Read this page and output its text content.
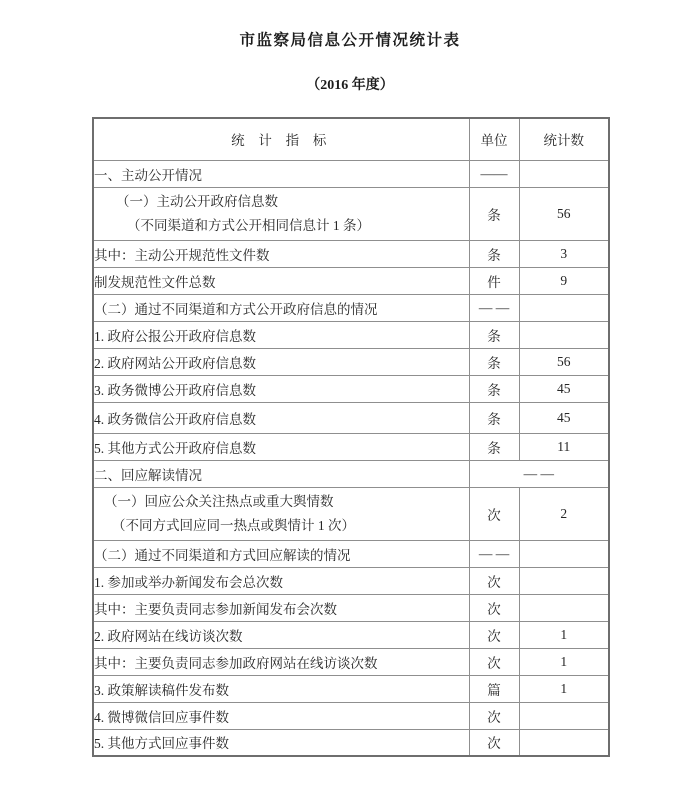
市监察局信息公开情况统计表
（2016 年度）
统 计 指 标	单位	统计数
一、主动公开情况	——	

（一）主动公开政府信息数
（不同渠道和方式公开相同信息计 1 条）	条	56
其中：主动公开规范性文件数	条	3
制发规范性文件总数	件	9
（二）通过不同渠道和方式公开政府信息的情况	— —	
1. 政府公报公开政府信息数	条	
2. 政府网站公开政府信息数	条	56
3. 政务微博公开政府信息数	条	45
4. 政务微信公开政府信息数	条	45
5. 其他方式公开政府信息数	条	11
二、回应解读情况	— —	

（一）回应公众关注热点或重大舆情数
（不同方式回应同一热点或舆情计 1 次）	次	2
（二）通过不同渠道和方式回应解读的情况	— —	
1. 参加或举办新闻发布会总次数	次	
其中：主要负责同志参加新闻发布会次数	次	
2. 政府网站在线访谈次数	次	1
其中：主要负责同志参加政府网站在线访谈次数	次	1
3. 政策解读稿件发布数	篇	1
4. 微博微信回应事件数	次	
5. 其他方式回应事件数	次	
